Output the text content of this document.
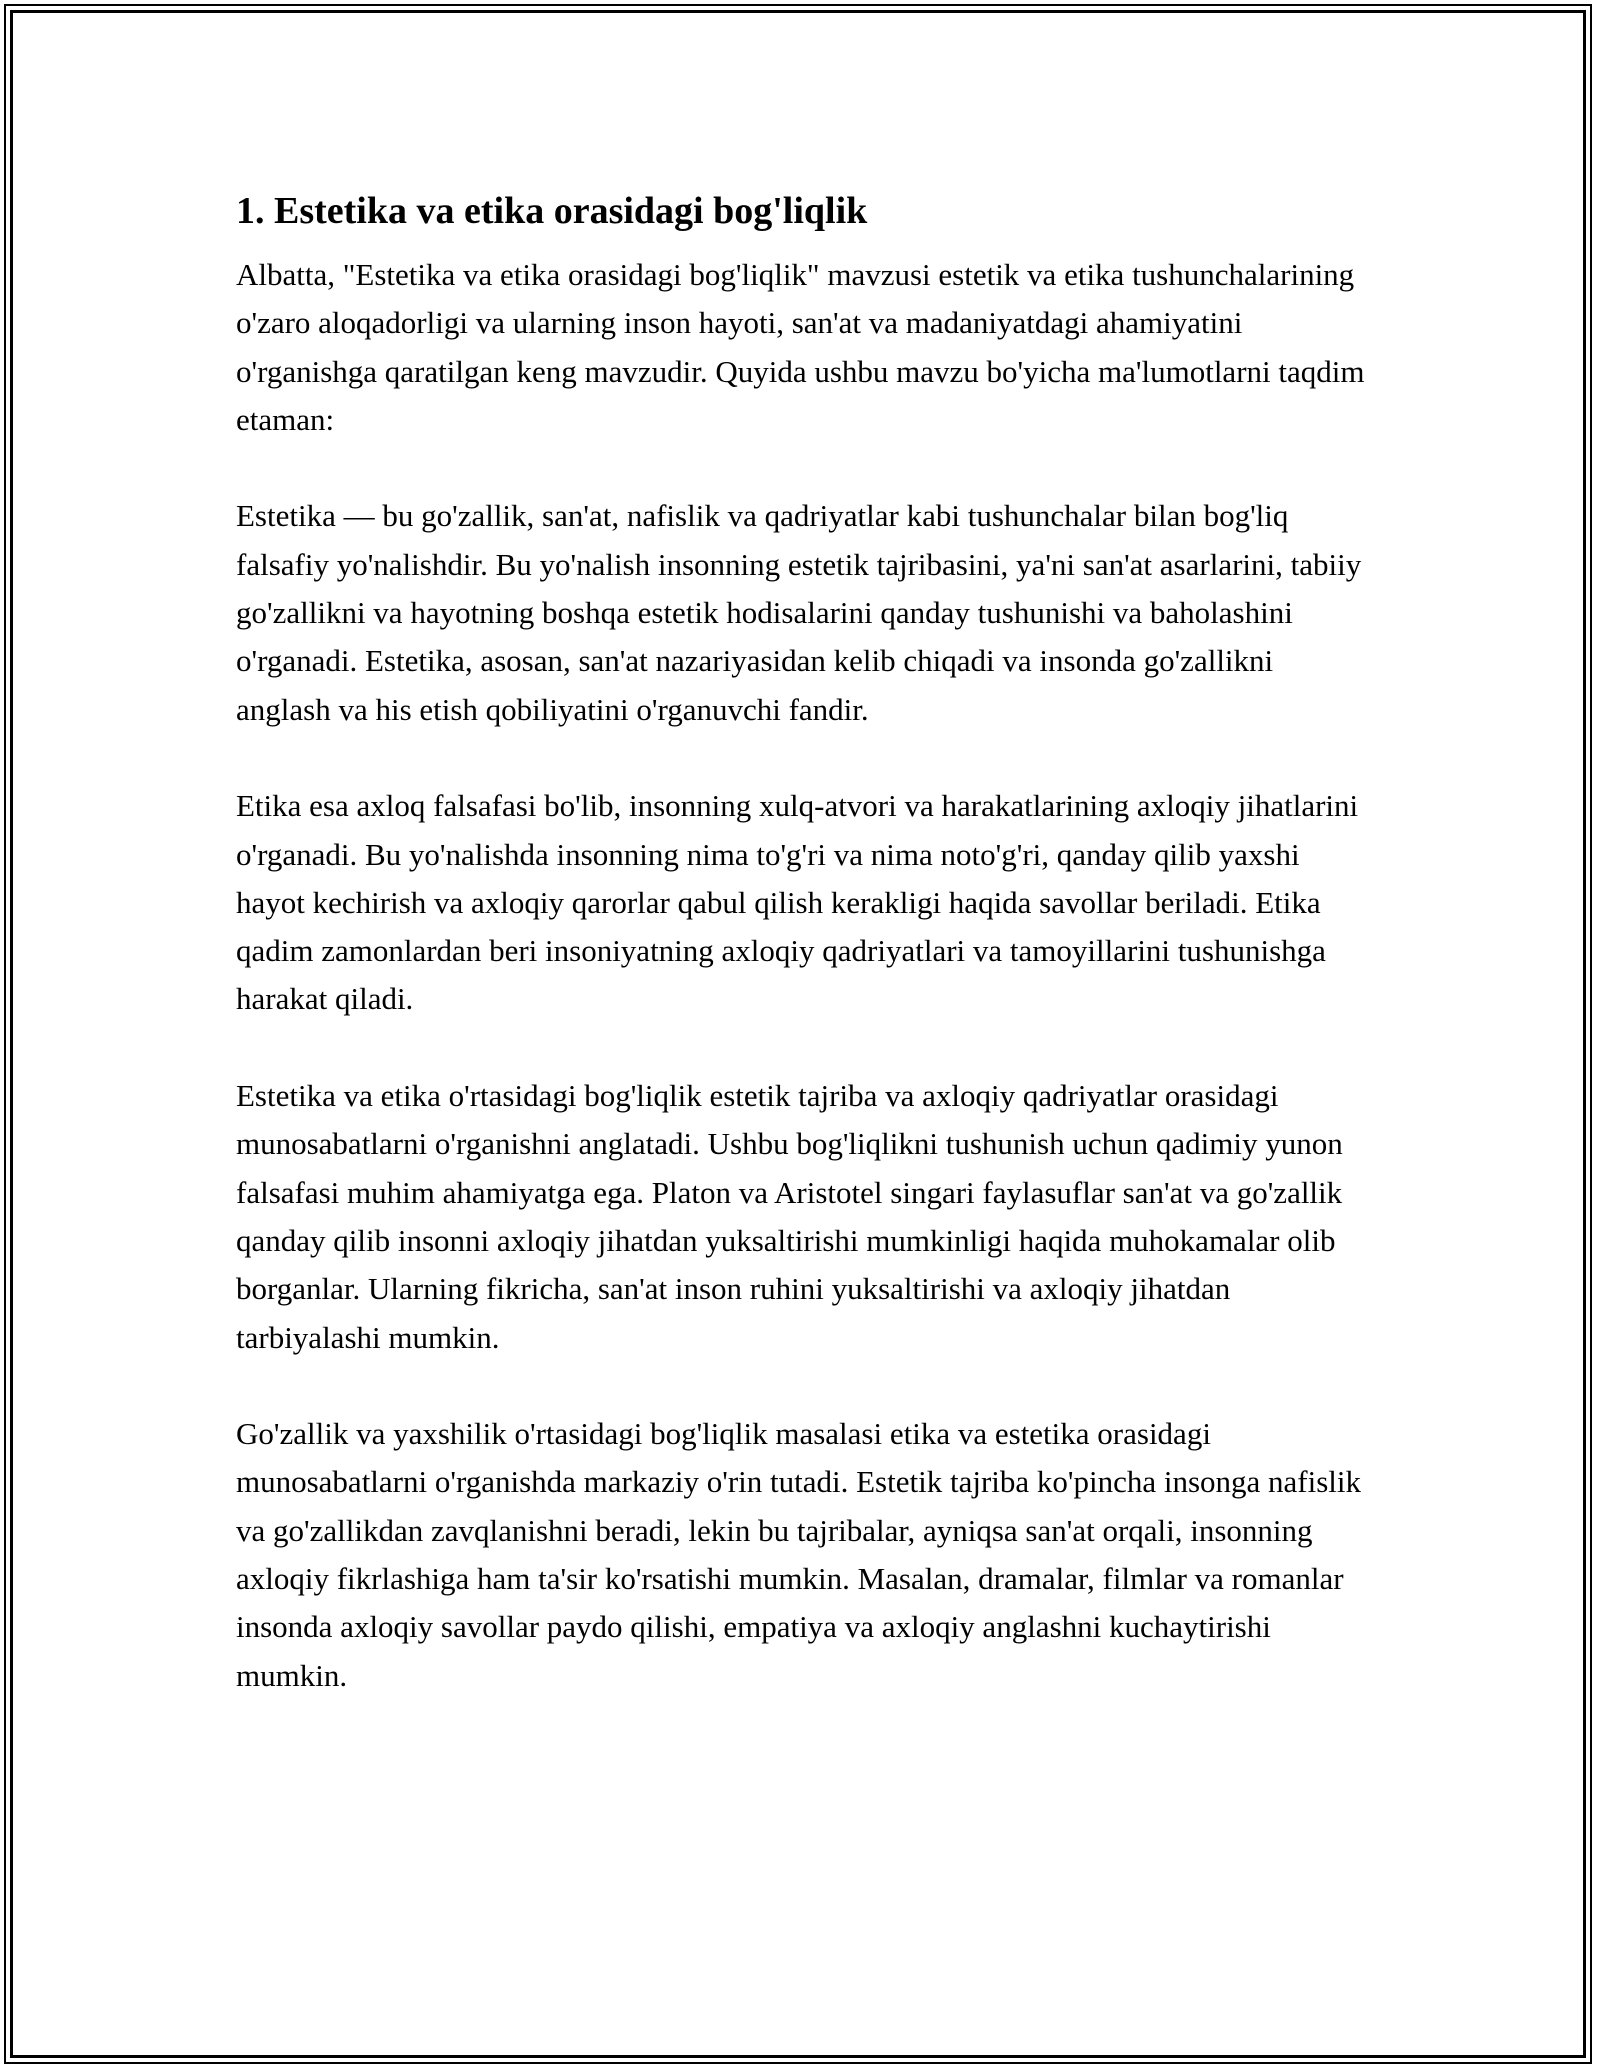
1. Estetika va etika orasidagi bog'liqlik

Albatta, "Estetika va etika orasidagi bog'liqlik" mavzusi estetik va etika tushunchalarining o'zaro aloqadorligi va ularning inson hayoti, san'at va madaniyatdagi ahamiyatini o'rganishga qaratilgan keng mavzudir. Quyida ushbu mavzu bo'yicha ma'lumotlarni taqdim etaman:

Estetika — bu go'zallik, san'at, nafislik va qadriyatlar kabi tushunchalar bilan bog'liq falsafiy yo'nalishdir. Bu yo'nalish insonning estetik tajribasini, ya'ni san'at asarlarini, tabiiy go'zallikni va hayotning boshqa estetik hodisalarini qanday tushunishi va baholashini o'rganadi. Estetika, asosan, san'at nazariyasidan kelib chiqadi va insonda go'zallikni anglash va his etish qobiliyatini o'rganuvchi fandir.

Etika esa axloq falsafasi bo'lib, insonning xulq-atvori va harakatlarining axloqiy jihatlarini o'rganadi. Bu yo'nalishda insonning nima to'g'ri va nima noto'g'ri, qanday qilib yaxshi hayot kechirish va axloqiy qarorlar qabul qilish kerakligi haqida savollar beriladi. Etika qadim zamonlardan beri insoniyatning axloqiy qadriyatlari va tamoyillarini tushunishga harakat qiladi.

Estetika va etika o'rtasidagi bog'liqlik estetik tajriba va axloqiy qadriyatlar orasidagi munosabatlarni o'rganishni anglatadi. Ushbu bog'liqlikni tushunish uchun qadimiy yunon falsafasi muhim ahamiyatga ega. Platon va Aristotel singari faylasuflar san'at va go'zallik qanday qilib insonni axloqiy jihatdan yuksaltirishi mumkinligi haqida muhokamalar olib borganlar. Ularning fikricha, san'at inson ruhini yuksaltirishi va axloqiy jihatdan tarbiyalashi mumkin.

Go'zallik va yaxshilik o'rtasidagi bog'liqlik masalasi etika va estetika orasidagi munosabatlarni o'rganishda markaziy o'rin tutadi. Estetik tajriba ko'pincha insonga nafislik va go'zallikdan zavqlanishni beradi, lekin bu tajribalar, ayniqsa san'at orqali, insonning axloqiy fikrlashiga ham ta'sir ko'rsatishi mumkin. Masalan, dramalar, filmlar va romanlar insonda axloqiy savollar paydo qilishi, empatiya va axloqiy anglashni kuchaytirishi mumkin.
